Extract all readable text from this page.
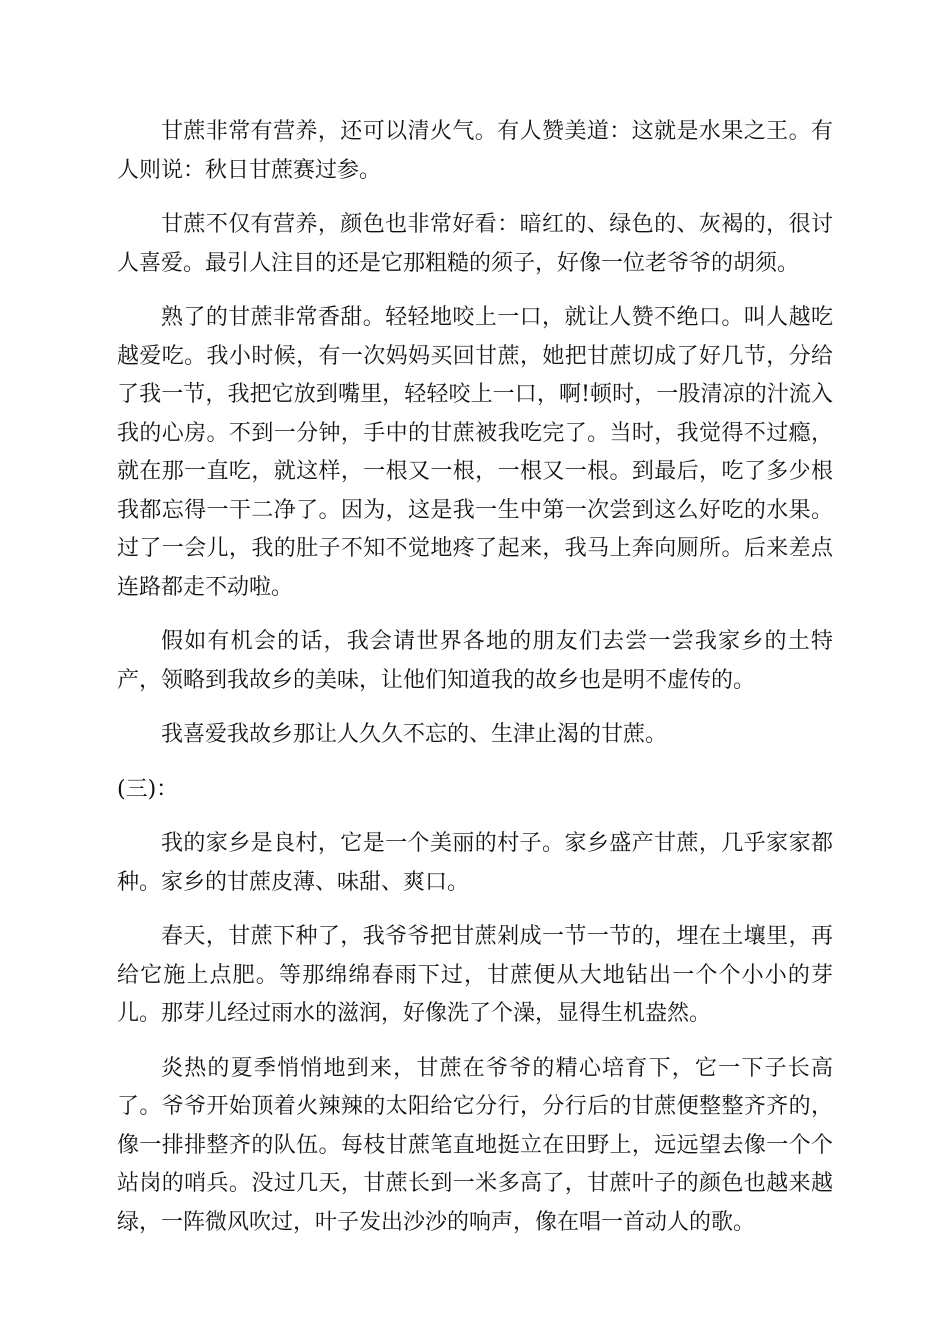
甘蔗非常有营养，还可以清火气。有人赞美道：这就是水果之王。有人则说：秋日甘蔗赛过参。

甘蔗不仅有营养，颜色也非常好看：暗红的、绿色的、灰褐的，很讨人喜爱。最引人注目的还是它那粗糙的须子，好像一位老爷爷的胡须。

熟了的甘蔗非常香甜。轻轻地咬上一口，就让人赞不绝口。叫人越吃越爱吃。我小时候，有一次妈妈买回甘蔗，她把甘蔗切成了好几节，分给了我一节，我把它放到嘴里，轻轻咬上一口，啊!顿时，一股清凉的汁流入我的心房。不到一分钟，手中的甘蔗被我吃完了。当时，我觉得不过瘾，就在那一直吃，就这样，一根又一根，一根又一根。到最后，吃了多少根我都忘得一干二净了。因为，这是我一生中第一次尝到这么好吃的水果。过了一会儿，我的肚子不知不觉地疼了起来，我马上奔向厕所。后来差点连路都走不动啦。

假如有机会的话，我会请世界各地的朋友们去尝一尝我家乡的土特产，领略到我故乡的美味，让他们知道我的故乡也是明不虚传的。

我喜爱我故乡那让人久久不忘的、生津止渴的甘蔗。

(三)：

我的家乡是良村，它是一个美丽的村子。家乡盛产甘蔗，几乎家家都种。家乡的甘蔗皮薄、味甜、爽口。

春天，甘蔗下种了，我爷爷把甘蔗剁成一节一节的，埋在土壤里，再给它施上点肥。等那绵绵春雨下过，甘蔗便从大地钻出一个个小小的芽儿。那芽儿经过雨水的滋润，好像洗了个澡，显得生机盎然。

炎热的夏季悄悄地到来，甘蔗在爷爷的精心培育下，它一下子长高了。爷爷开始顶着火辣辣的太阳给它分行，分行后的甘蔗便整整齐齐的，像一排排整齐的队伍。每枝甘蔗笔直地挺立在田野上，远远望去像一个个站岗的哨兵。没过几天，甘蔗长到一米多高了，甘蔗叶子的颜色也越来越绿，一阵微风吹过，叶子发出沙沙的响声，像在唱一首动人的歌。
